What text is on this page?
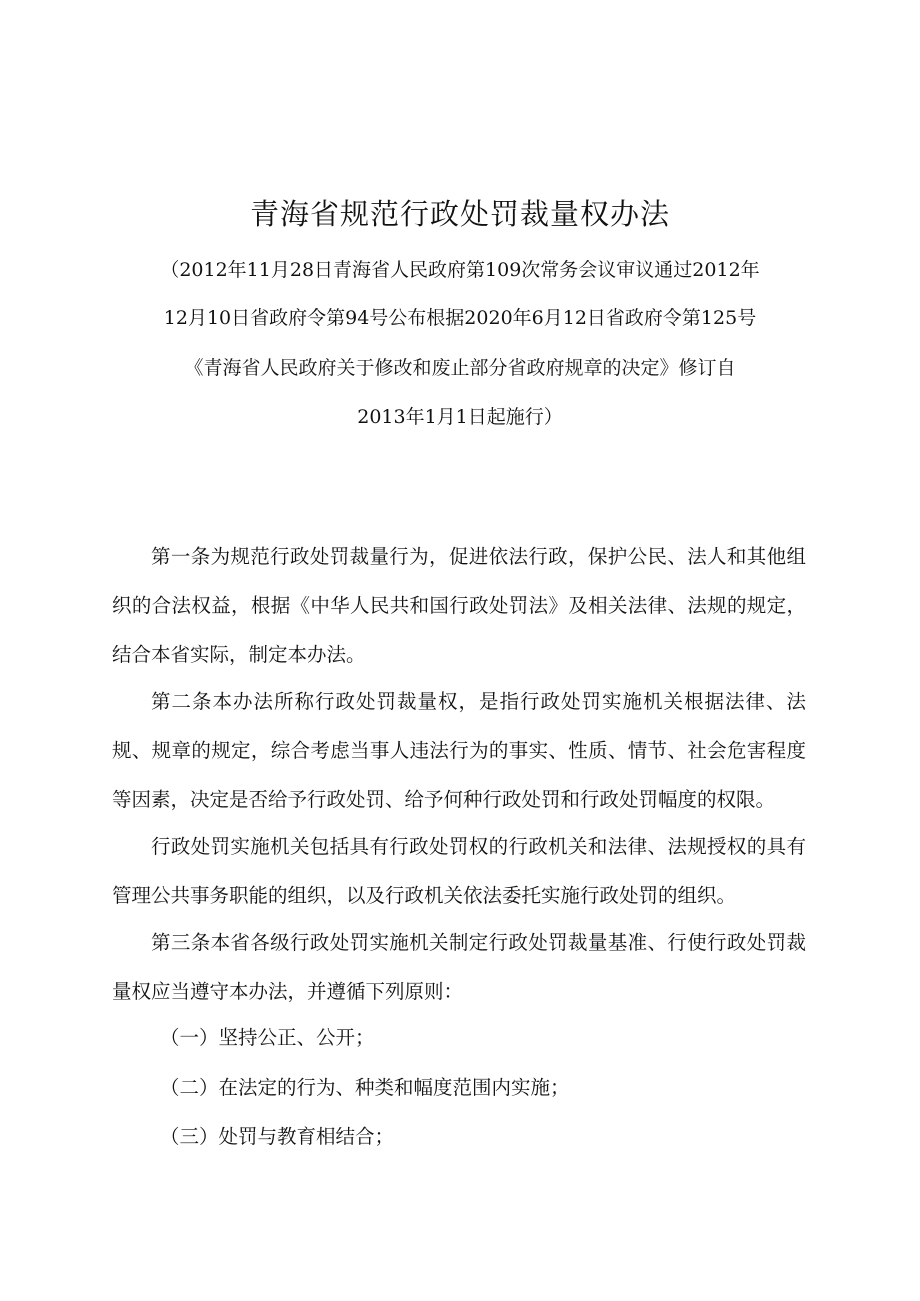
青海省规范行政处罚裁量权办法
（2012年11月28日青海省人民政府第109次常务会议审议通过2012年
12月10日省政府令第94号公布根据2020年6月12日省政府令第125号
《青海省人民政府关于修改和废止部分省政府规章的决定》修订自
2013年1月1日起施行）
第一条为规范行政处罚裁量行为，促进依法行政，保护公民、法人和其他组织的合法权益，根据《中华人民共和国行政处罚法》及相关法律、法规的规定，结合本省实际，制定本办法。
第二条本办法所称行政处罚裁量权，是指行政处罚实施机关根据法律、法规、规章的规定，综合考虑当事人违法行为的事实、性质、情节、社会危害程度等因素，决定是否给予行政处罚、给予何种行政处罚和行政处罚幅度的权限。
行政处罚实施机关包括具有行政处罚权的行政机关和法律、法规授权的具有管理公共事务职能的组织，以及行政机关依法委托实施行政处罚的组织。
第三条本省各级行政处罚实施机关制定行政处罚裁量基准、行使行政处罚裁量权应当遵守本办法，并遵循下列原则：
（一）坚持公正、公开；
（二）在法定的行为、种类和幅度范围内实施；
（三）处罚与教育相结合；
